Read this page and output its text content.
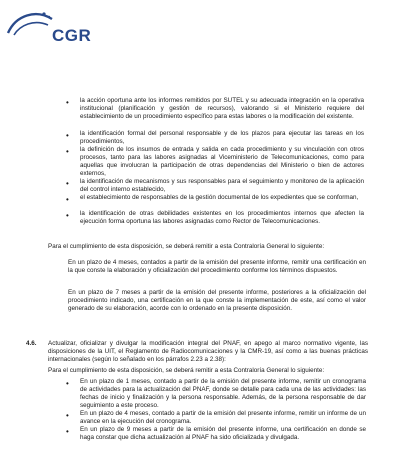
CGR
•	la acción oportuna ante los informes remitidos por SUTEL y su adecuada integración en la operativa institucional (planificación y gestión de recursos), valorando si el Ministerio requiere del establecimiento de un procedimiento específico para estas labores o la modificación del existente.
•	la identificación formal del personal responsable y de los plazos para ejecutar las tareas en los procedimientos,
•	la definición de los insumos de entrada y salida en cada procedimiento y su vinculación con otros procesos, tanto para las labores asignadas al Viceministerio de Telecomunicaciones, como para aquellas que involucran la participación de otras dependencias del Ministerio o bien de actores externos,
•	la identificación de mecanismos y sus responsables para el seguimiento y monitoreo de la aplicación del control interno establecido,
•	el establecimiento de responsables de la gestión documental de los expedientes que se conforman,
•	la identificación de otras debilidades existentes en los procedimientos internos que afecten la ejecución forma oportuna las labores asignadas como Rector de Telecomunicaciones.
Para el cumplimiento de esta disposición, se deberá remitir a esta Contraloría General lo siguiente:
En un plazo de 4 meses, contados a partir de la emisión del presente informe, remitir una certificación en la que conste la elaboración y oficialización del procedimiento conforme los términos dispuestos.
En un plazo de 7 meses a partir de la emisión del presente informe, posteriores a la oficialización del procedimiento indicado, una certificación en la que conste la implementación de este, así como el valor generado de su elaboración, acorde con lo ordenado en la presente disposición.
4.6. Actualizar, oficializar y divulgar la modificación integral del PNAF, en apego al marco normativo vigente, las disposiciones de la UIT, el Reglamento de Radiocomunicaciones y la CMR-19, así como a las buenas prácticas internacionales (según lo señalado en los párrafos 2.23 a 2.38):
Para el cumplimiento de esta disposición, se deberá remitir a esta Contraloría General lo siguiente:
•	En un plazo de 1 meses, contado a partir de la emisión del presente informe, remitir un cronograma de actividades para la actualización del PNAF, donde se detalle para cada una de las actividades: las fechas de inicio y finalización y la persona responsable. Además, de la persona responsable de dar seguimiento a este proceso.
•	En un plazo de 4 meses, contado a partir de la emisión del presente informe, remitir un informe de un avance en la ejecución del cronograma.
•	En un plazo de 9 meses a partir de la emisión del presente informe, una certificación en donde se haga constar que dicha actualización al PNAF ha sido oficializada y divulgada.
